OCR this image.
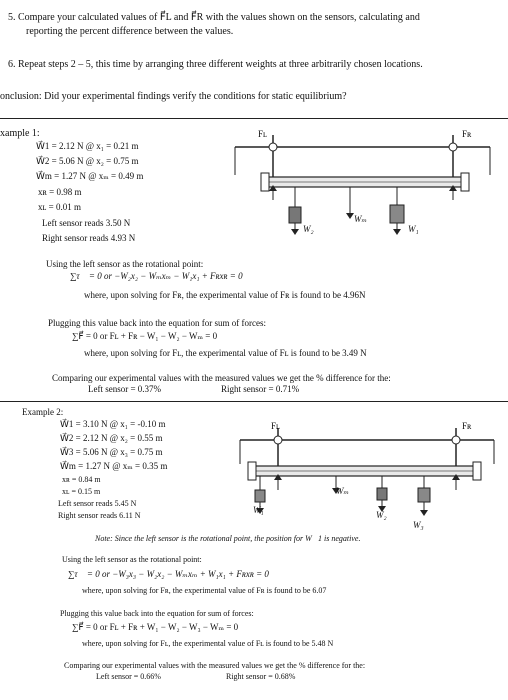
5. Compare your calculated values of F⃗L and F⃗R with the values shown on the sensors, calculating and
reporting the percent difference between the values.
6. Repeat steps 2 – 5, this time by arranging three different weights at three arbitrarily chosen locations.
onclusion: Did your experimental findings verify the conditions for static equilibrium?
xample 1:
W⃗1 = 2.12 N @ x₁ = 0.21 m
W⃗2 = 5.06 N @ x₂ = 0.75 m
W⃗m = 1.27 N @ xₘ = 0.49 m
xʀ = 0.98 m
xʟ = 0.01 m
Left sensor reads 3.50 N
Right sensor reads 4.93 N
Fʟ	Fʀ
W₂
Wₘ
W₁
Using the left sensor as the rotational point:
∑τ⃗ = 0 or −W₂x₂ − Wₘxₘ − W₁x₁ + Fʀxʀ = 0
where, upon solving for Fʀ, the experimental value of Fʀ is found to be 4.96N
Plugging this value back into the equation for sum of forces:
∑F⃗ = 0 or Fʟ + Fʀ − W₁ − W₂ − Wₘ = 0
where, upon solving for Fʟ, the experimental value of Fʟ is found to be 3.49 N
Comparing our experimental values with the measured values we get the % difference for the:
Left sensor = 0.37%	Right sensor = 0.71%
Example 2:
W⃗1 = 3.10 N @ x₁ = -0.10 m
W⃗2 = 2.12 N @ x₂ = 0.55 m
W⃗3 = 5.06 N @ x₃ = 0.75 m
W⃗m = 1.27 N @ xₘ = 0.35 m
xʀ = 0.84 m
xʟ = 0.15 m
Left sensor reads 5.45 N
Right sensor reads 6.11 N
Fʟ	Fʀ
Wₘ
W₁	W₂
W₃
Note: Since the left sensor is the rotational point, the position for W⃗1 is negative.
Using the left sensor as the rotational point:
∑τ⃗ = 0 or −W₃x₃ − W₂x₂ − Wₘxₘ + W₁x₁ + Fʀxʀ = 0
where, upon solving for Fʀ, the experimental value of Fʀ is found to be 6.07
Plugging this value back into the equation for sum of forces:
∑F⃗ = 0 or Fʟ + Fʀ + W₁ − W₂ − W₃ − Wₘ = 0
where, upon solving for Fʟ, the experimental value of Fʟ is found to be 5.48 N
Comparing our experimental values with the measured values we get the % difference for the:
Left sensor = 0.66%	Right sensor = 0.68%
